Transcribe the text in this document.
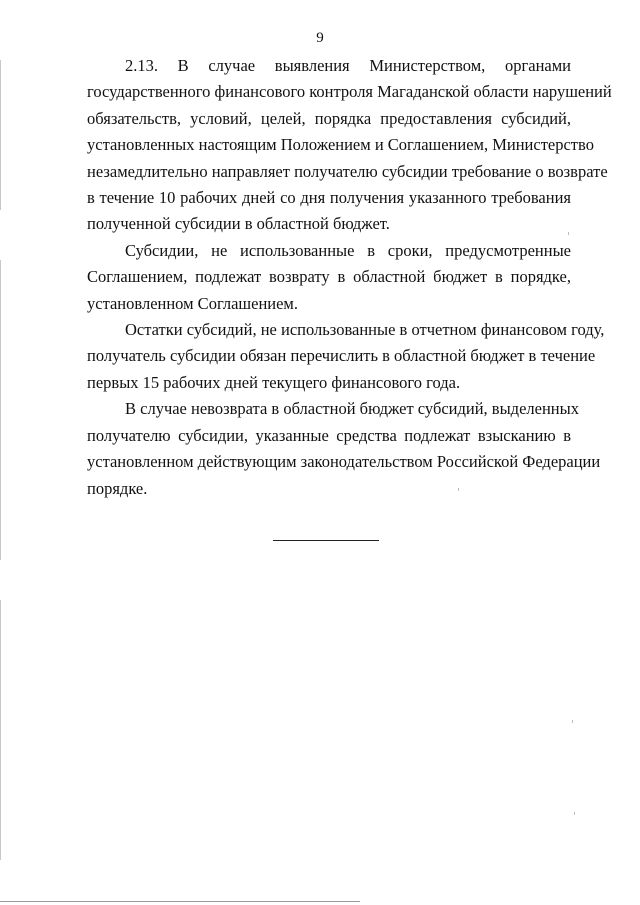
9

2.13. В случае выявления Министерством, органами
государственного финансового контроля Магаданской области нарушений
обязательств, условий, целей, порядка предоставления субсидий,
установленных настоящим Положением и Соглашением, Министерство
незамедлительно направляет получателю субсидии требование о возврате
в течение 10 рабочих дней со дня получения указанного требования
полученной субсидии в областной бюджет.

Субсидии, не использованные в сроки, предусмотренные
Соглашением, подлежат возврату в областной бюджет в порядке,
установленном Соглашением.

Остатки субсидий, не использованные в отчетном финансовом году,
получатель субсидии обязан перечислить в областной бюджет в течение
первых 15 рабочих дней текущего финансового года.

В случае невозврата в областной бюджет субсидий, выделенных
получателю субсидии, указанные средства подлежат взысканию в
установленном действующим законодательством Российской Федерации
порядке.
